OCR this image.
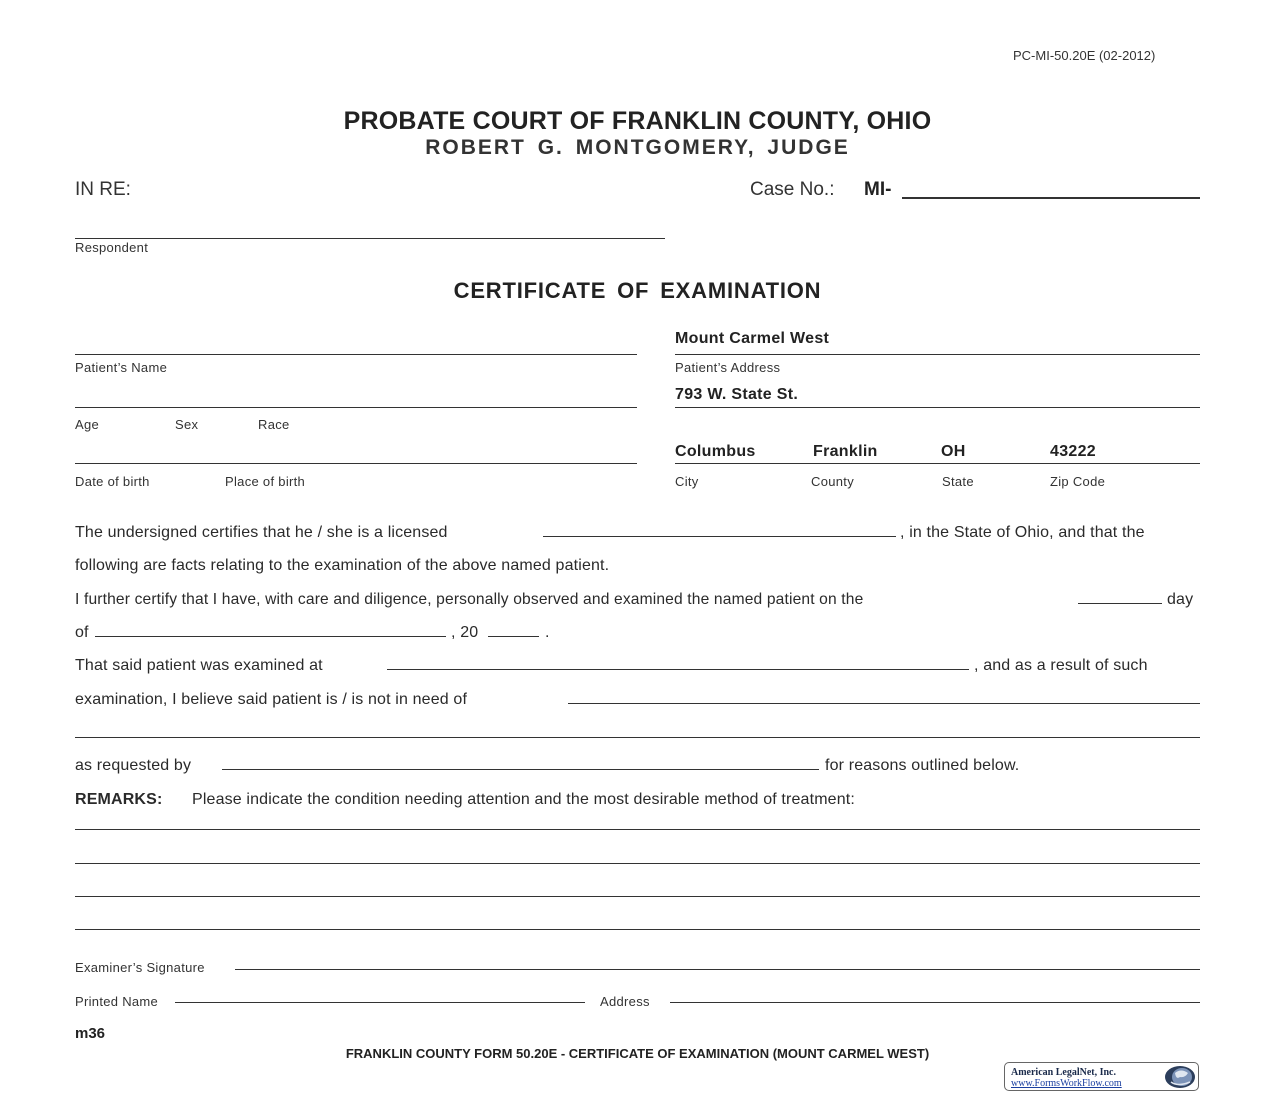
PC-MI-50.20E (02-2012)
PROBATE COURT OF FRANKLIN COUNTY, OHIO
ROBERT G. MONTGOMERY, JUDGE
IN RE:	Case No.: MI-
Respondent
CERTIFICATE OF EXAMINATION
Patient’s Name
Age	Sex	Race
Date of birth	Place of birth
Mount Carmel West
Patient’s Address
793 W. State St.
Columbus	Franklin	OH	43222
City	County	State	Zip Code
The undersigned certifies that he / she is a licensed	, in the State of Ohio, and that the
following are facts relating to the examination of the above named patient.
I further certify that I have, with care and diligence, personally observed and examined the named patient on the	day
of	, 20	.
That said patient was examined at	, and as a result of such
examination, I believe said patient is / is not in need of
as requested by	for reasons outlined below.
REMARKS: Please indicate the condition needing attention and the most desirable method of treatment:
Examiner’s Signature
Printed Name	Address
m36
FRANKLIN COUNTY FORM 50.20E - CERTIFICATE OF EXAMINATION (MOUNT CARMEL WEST)
American LegalNet, Inc.
www.FormsWorkFlow.com
